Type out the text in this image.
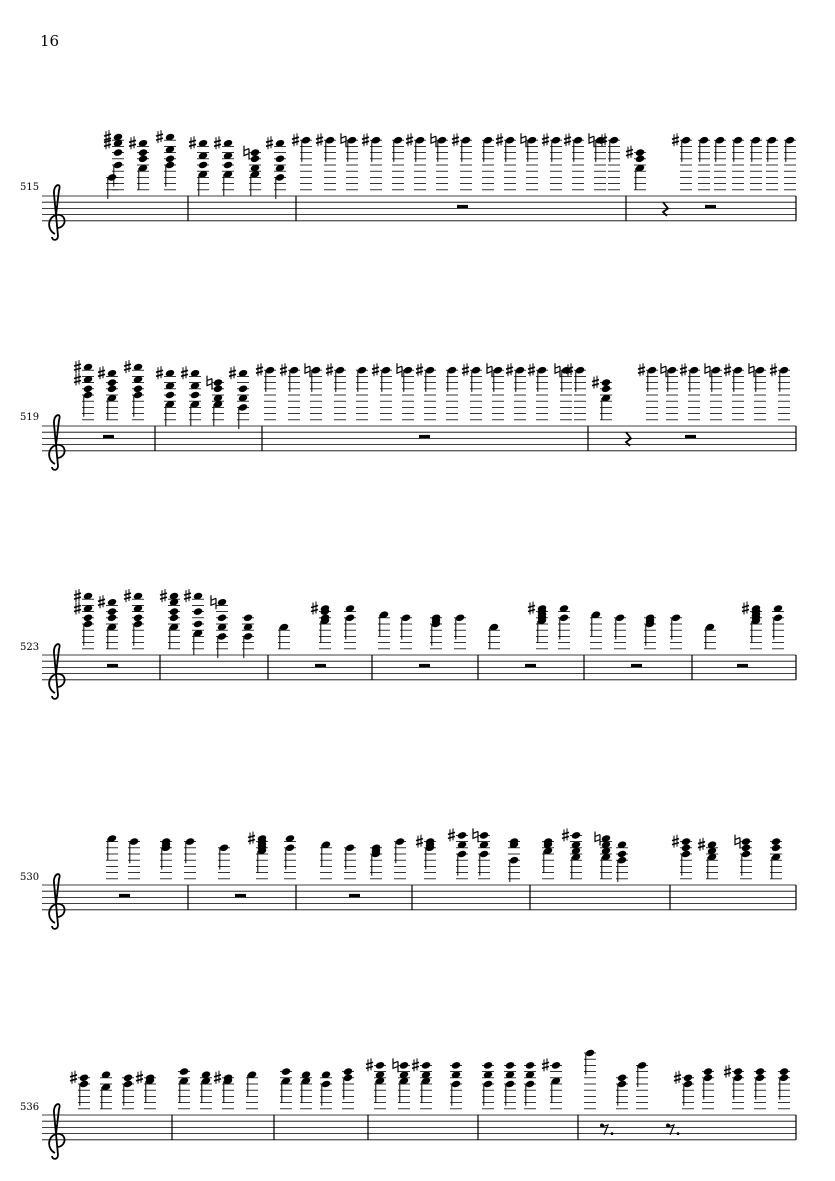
16
515
519
523
530
536
